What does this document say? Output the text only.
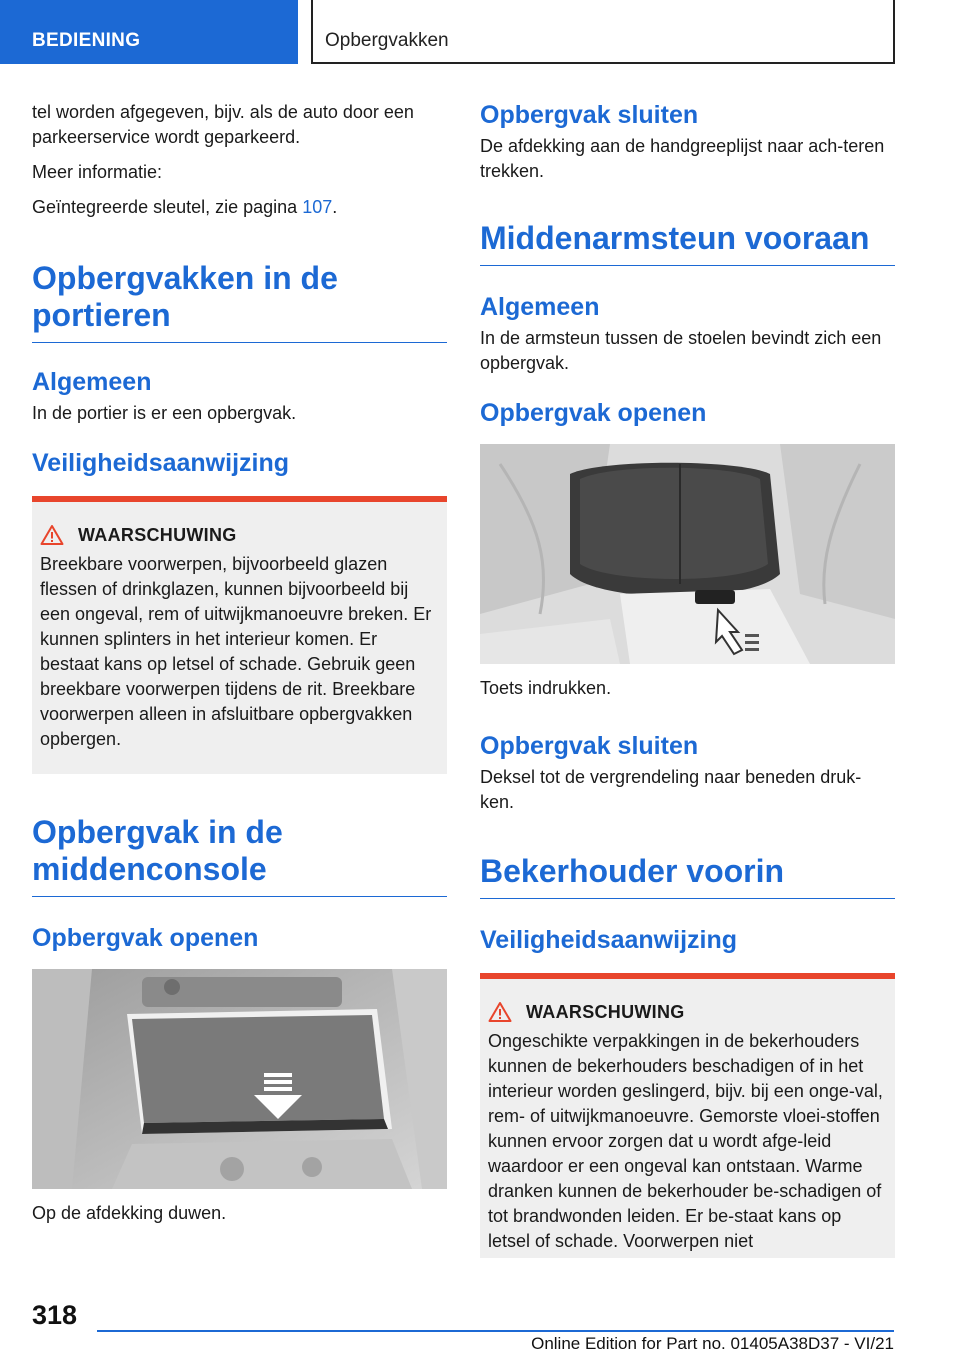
BEDIENING	Opbergvakken

tel worden afgegeven, bijv. als de auto door een parkeerservice wordt geparkeerd.

Meer informatie:

Geïntegreerde sleutel, zie pagina 107.

Opbergvakken in de portieren
Algemeen

In de portier is er een opbergvak.

Veiligheidsaanwijzing
WAARSCHUWING

Breekbare voorwerpen, bijvoorbeeld glazen flessen of drinkglazen, kunnen bijvoorbeeld bij een ongeval, rem of uitwijkmanoeuvre breken. Er kunnen splinters in het interieur komen. Er bestaat kans op letsel of schade. Gebruik geen breekbare voorwerpen tijdens de rit. Breekbare voorwerpen alleen in afsluitbare opbergvakken opbergen.

Opbergvak in de middenconsole
Opbergvak openen

Op de afdekking duwen.

Opbergvak sluiten

De afdekking aan de handgreeplijst naar ach-teren trekken.

Middenarmsteun vooraan
Algemeen

In de armsteun tussen de stoelen bevindt zich een opbergvak.

Opbergvak openen

Toets indrukken.

Opbergvak sluiten

Deksel tot de vergrendeling naar beneden druk-ken.

Bekerhouder voorin
Veiligheidsaanwijzing
WAARSCHUWING

Ongeschikte verpakkingen in de bekerhouders kunnen de bekerhouders beschadigen of in het interieur worden geslingerd, bijv. bij een onge-val, rem- of uitwijkmanoeuvre. Gemorste vloei-stoffen kunnen ervoor zorgen dat u wordt afge-leid waardoor er een ongeval kan ontstaan. Warme dranken kunnen de bekerhouder be-schadigen of tot brandwonden leiden. Er be-staat kans op letsel of schade. Voorwerpen niet

318
Online Edition for Part no. 01405A38D37 - VI/21
